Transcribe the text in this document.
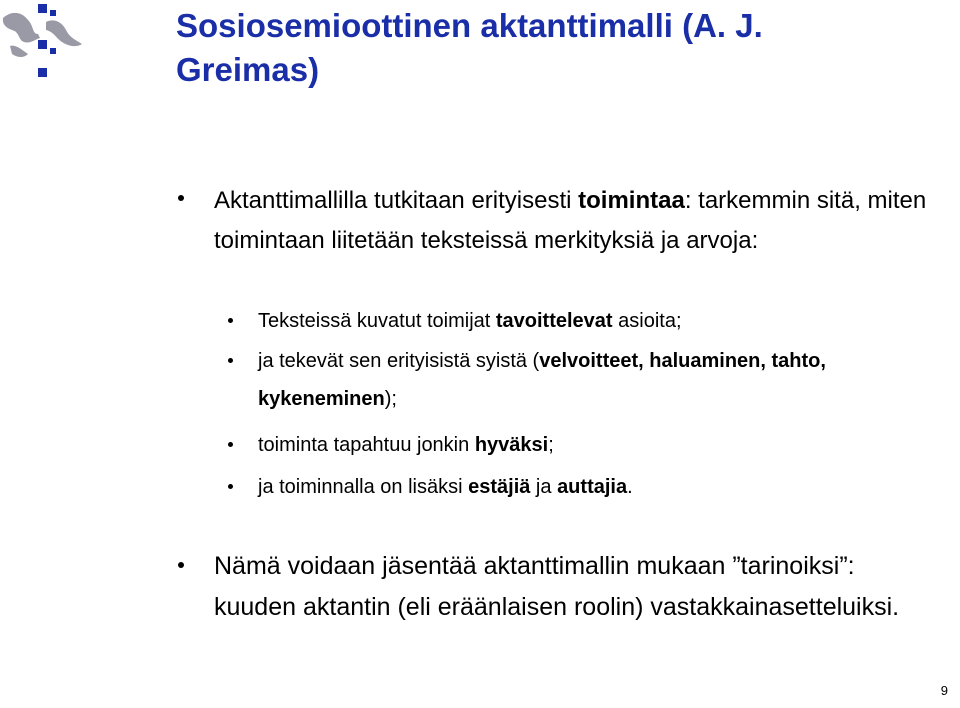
Sosiosemioottinen aktanttimalli (A. J.
Greimas)
Aktanttimallilla tutkitaan erityisesti toimintaa: tarkemmin sitä, miten toimintaan liitetään teksteissä merkityksiä ja arvoja:
Teksteissä kuvatut toimijat tavoittelevat asioita;
ja tekevät sen erityisistä syistä (velvoitteet, haluaminen, tahto, kykeneminen);
toiminta tapahtuu jonkin hyväksi;
ja toiminnalla on lisäksi estäjiä ja auttajia.
Nämä voidaan jäsentää aktanttimallin mukaan ”tarinoiksi”: kuuden aktantin (eli eräänlaisen roolin) vastakkainasetteluiksi.
9
